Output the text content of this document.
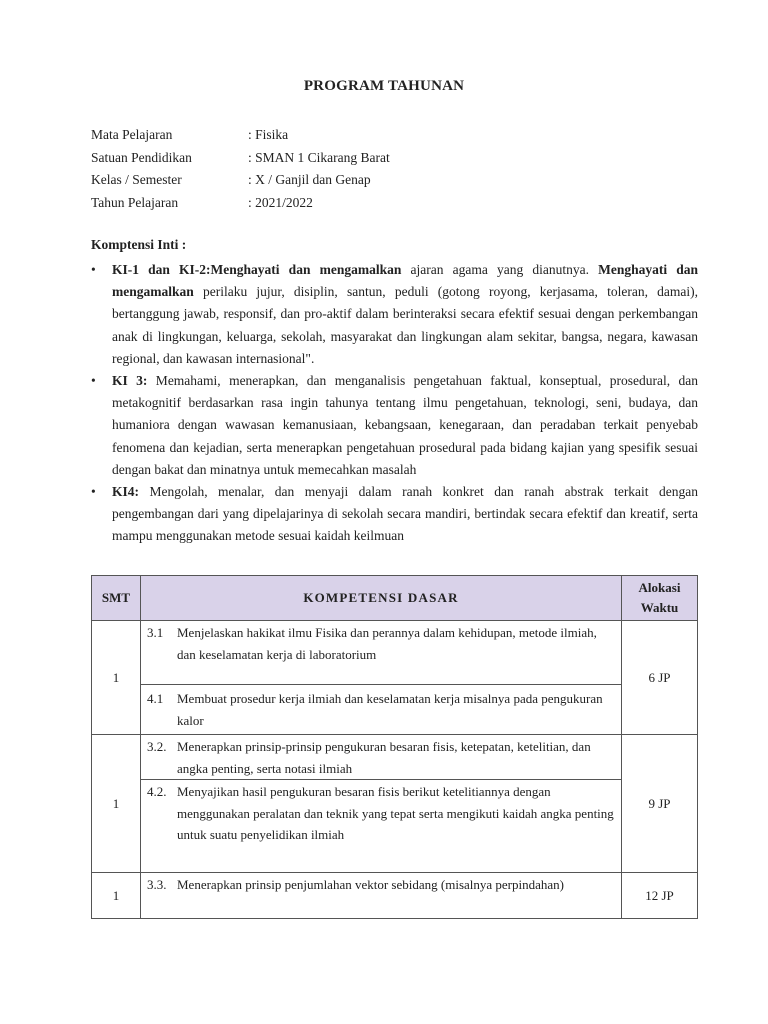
PROGRAM TAHUNAN
Mata Pelajaran	: Fisika
Satuan Pendidikan	: SMAN 1 Cikarang Barat
Kelas / Semester	: X / Ganjil dan Genap
Tahun Pelajaran	: 2021/2022
Komptensi Inti :
• KI-1 dan KI-2:Menghayati dan mengamalkan ajaran agama yang dianutnya. Menghayati dan mengamalkan perilaku jujur, disiplin, santun, peduli (gotong royong, kerjasama, toleran, damai), bertanggung jawab, responsif, dan pro-aktif dalam berinteraksi secara efektif sesuai dengan perkembangan anak di lingkungan, keluarga, sekolah, masyarakat dan lingkungan alam sekitar, bangsa, negara, kawasan regional, dan kawasan internasional".
• KI 3: Memahami, menerapkan, dan menganalisis pengetahuan faktual, konseptual, prosedural, dan metakognitif berdasarkan rasa ingin tahunya tentang ilmu pengetahuan, teknologi, seni, budaya, dan humaniora dengan wawasan kemanusiaan, kebangsaan, kenegaraan, dan peradaban terkait penyebab fenomena dan kejadian, serta menerapkan pengetahuan prosedural pada bidang kajian yang spesifik sesuai dengan bakat dan minatnya untuk memecahkan masalah
• KI4: Mengolah, menalar, dan menyaji dalam ranah konkret dan ranah abstrak terkait dengan pengembangan dari yang dipelajarinya di sekolah secara mandiri, bertindak secara efektif dan kreatif, serta mampu menggunakan metode sesuai kaidah keilmuan
SMT	KOMPETENSI DASAR	Alokasi
Waktu
1	3.1 Menjelaskan hakikat ilmu Fisika dan perannya dalam kehidupan, metode ilmiah, dan keselamatan kerja di laboratorium
4.1 Membuat prosedur kerja ilmiah dan keselamatan kerja misalnya pada pengukuran kalor	6 JP
1	3.2. Menerapkan prinsip-prinsip pengukuran besaran fisis, ketepatan, ketelitian, dan angka penting, serta notasi ilmiah
4.2. Menyajikan hasil pengukuran besaran fisis berikut ketelitiannya dengan menggunakan peralatan dan teknik yang tepat serta mengikuti kaidah angka penting untuk suatu penyelidikan ilmiah	9 JP
1	3.3. Menerapkan prinsip penjumlahan vektor sebidang (misalnya perpindahan)	12 JP
